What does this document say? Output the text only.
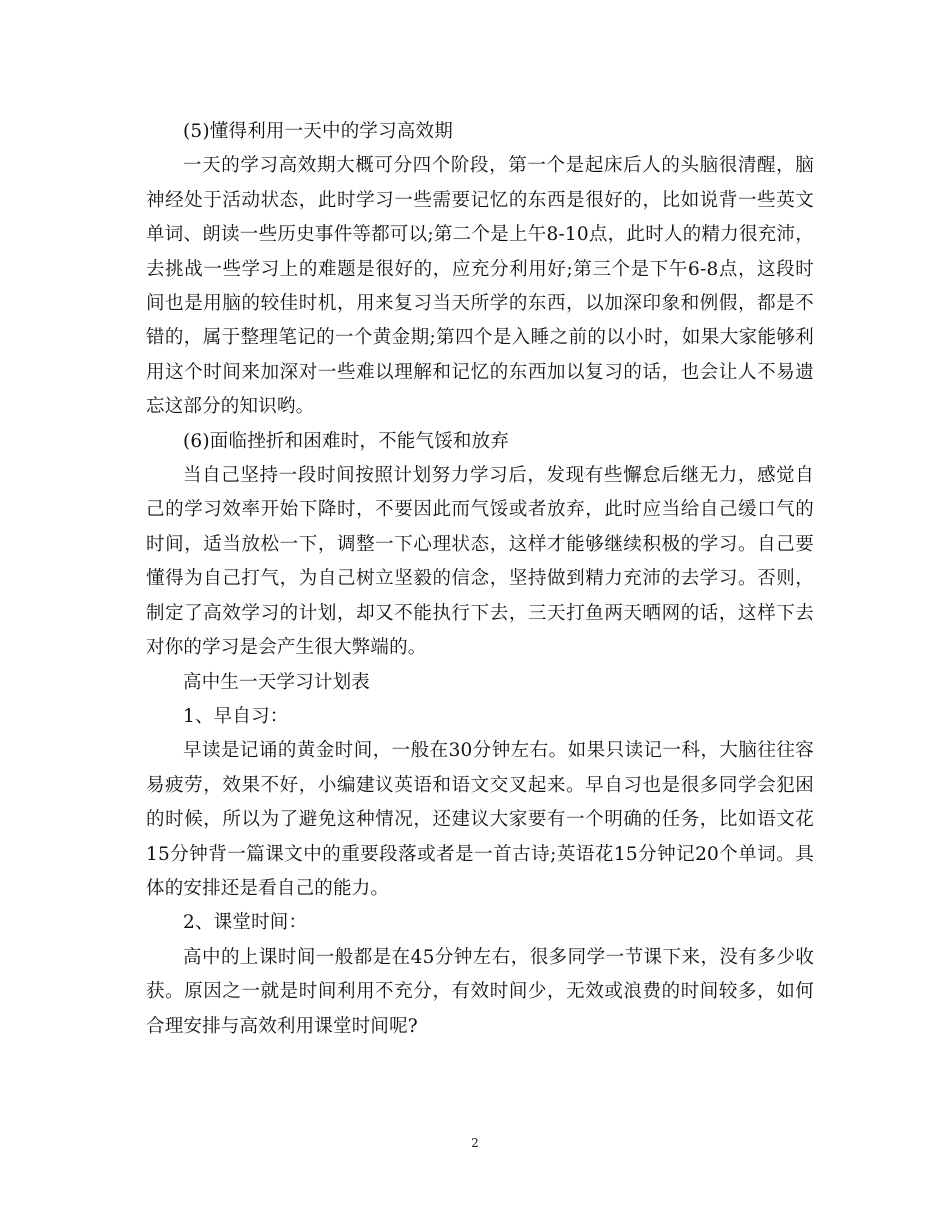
(5)懂得利用一天中的学习高效期

一天的学习高效期大概可分四个阶段，第一个是起床后人的头脑很清醒，脑神经处于活动状态，此时学习一些需要记忆的东西是很好的，比如说背一些英文单词、朗读一些历史事件等都可以;第二个是上午8-10点，此时人的精力很充沛，去挑战一些学习上的难题是很好的，应充分利用好;第三个是下午6-8点，这段时间也是用脑的较佳时机，用来复习当天所学的东西，以加深印象和例假，都是不错的，属于整理笔记的一个黄金期;第四个是入睡之前的以小时，如果大家能够利用这个时间来加深对一些难以理解和记忆的东西加以复习的话，也会让人不易遗忘这部分的知识哟。

(6)面临挫折和困难时，不能气馁和放弃

当自己坚持一段时间按照计划努力学习后，发现有些懈怠后继无力，感觉自己的学习效率开始下降时，不要因此而气馁或者放弃，此时应当给自己缓口气的时间，适当放松一下，调整一下心理状态，这样才能够继续积极的学习。自己要懂得为自己打气，为自己树立坚毅的信念，坚持做到精力充沛的去学习。否则，制定了高效学习的计划，却又不能执行下去，三天打鱼两天晒网的话，这样下去对你的学习是会产生很大弊端的。

高中生一天学习计划表

1、早自习：

早读是记诵的黄金时间，一般在30分钟左右。如果只读记一科，大脑往往容易疲劳，效果不好，小编建议英语和语文交叉起来。早自习也是很多同学会犯困的时候，所以为了避免这种情况，还建议大家要有一个明确的任务，比如语文花15分钟背一篇课文中的重要段落或者是一首古诗;英语花15分钟记20个单词。具体的安排还是看自己的能力。

2、课堂时间：

高中的上课时间一般都是在45分钟左右，很多同学一节课下来，没有多少收获。原因之一就是时间利用不充分，有效时间少，无效或浪费的时间较多，如何合理安排与高效利用课堂时间呢?

2
